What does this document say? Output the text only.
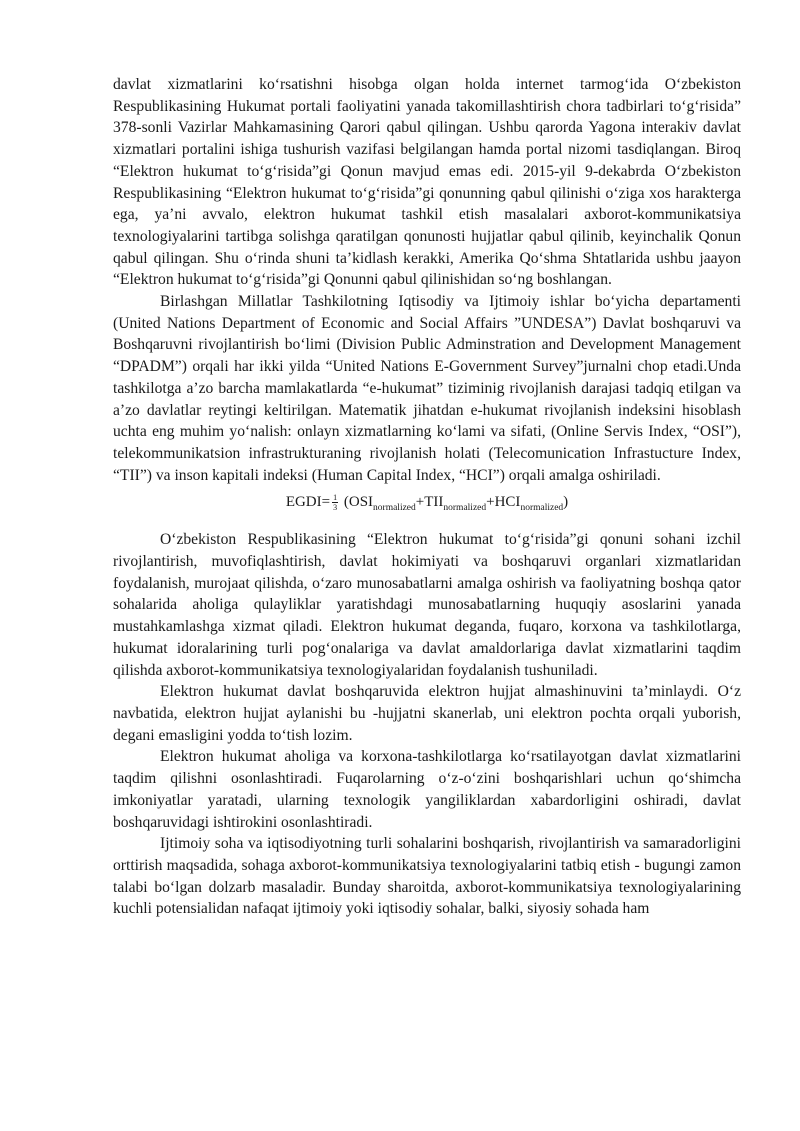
davlat xizmatlarini ko‘rsatishni hisobga olgan holda internet tarmog‘ida O‘zbekiston Respublikasining Hukumat portali faoliyatini yanada takomillashtirish chora tadbirlari to‘g‘risida” 378-sonli Vazirlar Mahkamasining Qarori qabul qilingan. Ushbu qarorda Yagona interakiv davlat xizmatlari portalini ishiga tushurish vazifasi belgilangan hamda portal nizomi tasdiqlangan. Biroq “Elektron hukumat to‘g‘risida”gi Qonun mavjud emas edi. 2015-yil 9-dekabrda O‘zbekiston Respublikasining “Elektron hukumat to‘g‘risida”gi qonunning qabul qilinishi o‘ziga xos harakterga ega, ya’ni avvalo, elektron hukumat tashkil etish masalalari axborot-kommunikatsiya texnologiyalarini tartibga solishga qaratilgan qonunosti hujjatlar qabul qilinib, keyinchalik Qonun qabul qilingan. Shu o‘rinda shuni ta’kidlash kerakki, Amerika Qo‘shma Shtatlarida ushbu jaayon “Elektron hukumat to‘g‘risida”gi Qonunni qabul qilinishidan so‘ng boshlangan.

Birlashgan Millatlar Tashkilotning Iqtisodiy va Ijtimoiy ishlar bo‘yicha departamenti (United Nations Department of Economic and Social Affairs ”UNDESA”) Davlat boshqaruvi va Boshqaruvni rivojlantirish bo‘limi (Division Public Adminstration and Development Management “DPADM”) orqali har ikki yilda “United Nations E-Government Survey”jurnalni chop etadi.Unda tashkilotga a’zo barcha mamlakatlarda “e-hukumat” tiziminig rivojlanish darajasi tadqiq etilgan va a’zo davlatlar reytingi keltirilgan. Matematik jihatdan e-hukumat rivojlanish indeksini hisoblash uchta eng muhim yo‘nalish: onlayn xizmatlarning ko‘lami va sifati, (Online Servis Index, “OSI”), telekommunikatsion infrastrukturaning rivojlanish holati (Telecomunication Infrastucture Index, “TII”) va inson kapitali indeksi (Human Capital Index, “HCI”) orqali amalga oshiriladi.

EGDI= $\frac{1}{3} (OSI_{normalized}+TII_{normalized}+HCI_{normalized})$

O‘zbekiston Respublikasining “Elektron hukumat to‘g‘risida”gi qonuni sohani izchil rivojlantirish, muvofiqlashtirish, davlat hokimiyati va boshqaruvi organlari xizmatlaridan foydalanish, murojaat qilishda, o‘zaro munosabatlarni amalga oshirish va faoliyatning boshqa qator sohalarida aholiga qulayliklar yaratishdagi munosabatlarning huquqiy asoslarini yanada mustahkamlashga xizmat qiladi. Elektron hukumat deganda, fuqaro, korxona va tashkilotlarga, hukumat idoralarining turli pog‘onalariga va davlat amaldorlariga davlat xizmatlarini taqdim qilishda axborot-kommunikatsiya texnologiyalaridan foydalanish tushuniladi.

Elektron hukumat davlat boshqaruvida elektron hujjat almashinuvini ta’minlaydi. O‘z navbatida, elektron hujjat aylanishi bu -hujjatni skanerlab, uni elektron pochta orqali yuborish, degani emasligini yodda to‘tish lozim.

Elektron hukumat aholiga va korxona-tashkilotlarga ko‘rsatilayotgan davlat xizmatlarini taqdim qilishni osonlashtiradi. Fuqarolarning o‘z-o‘zini boshqarishlari uchun qo‘shimcha imkoniyatlar yaratadi, ularning texnologik yangiliklardan xabardorligini oshiradi, davlat boshqaruvidagi ishtirokini osonlashtiradi.

Ijtimoiy soha va iqtisodiyotning turli sohalarini boshqarish, rivojlantirish va samaradorligini orttirish maqsadida, sohaga axborot-kommunikatsiya texnologiyalarini tatbiq etish - bugungi zamon talabi bo‘lgan dolzarb masaladir. Bunday sharoitda, axborot-kommunikatsiya texnologiyalarining kuchli potensialidan nafaqat ijtimoiy yoki iqtisodiy sohalar, balki, siyosiy sohada ham
